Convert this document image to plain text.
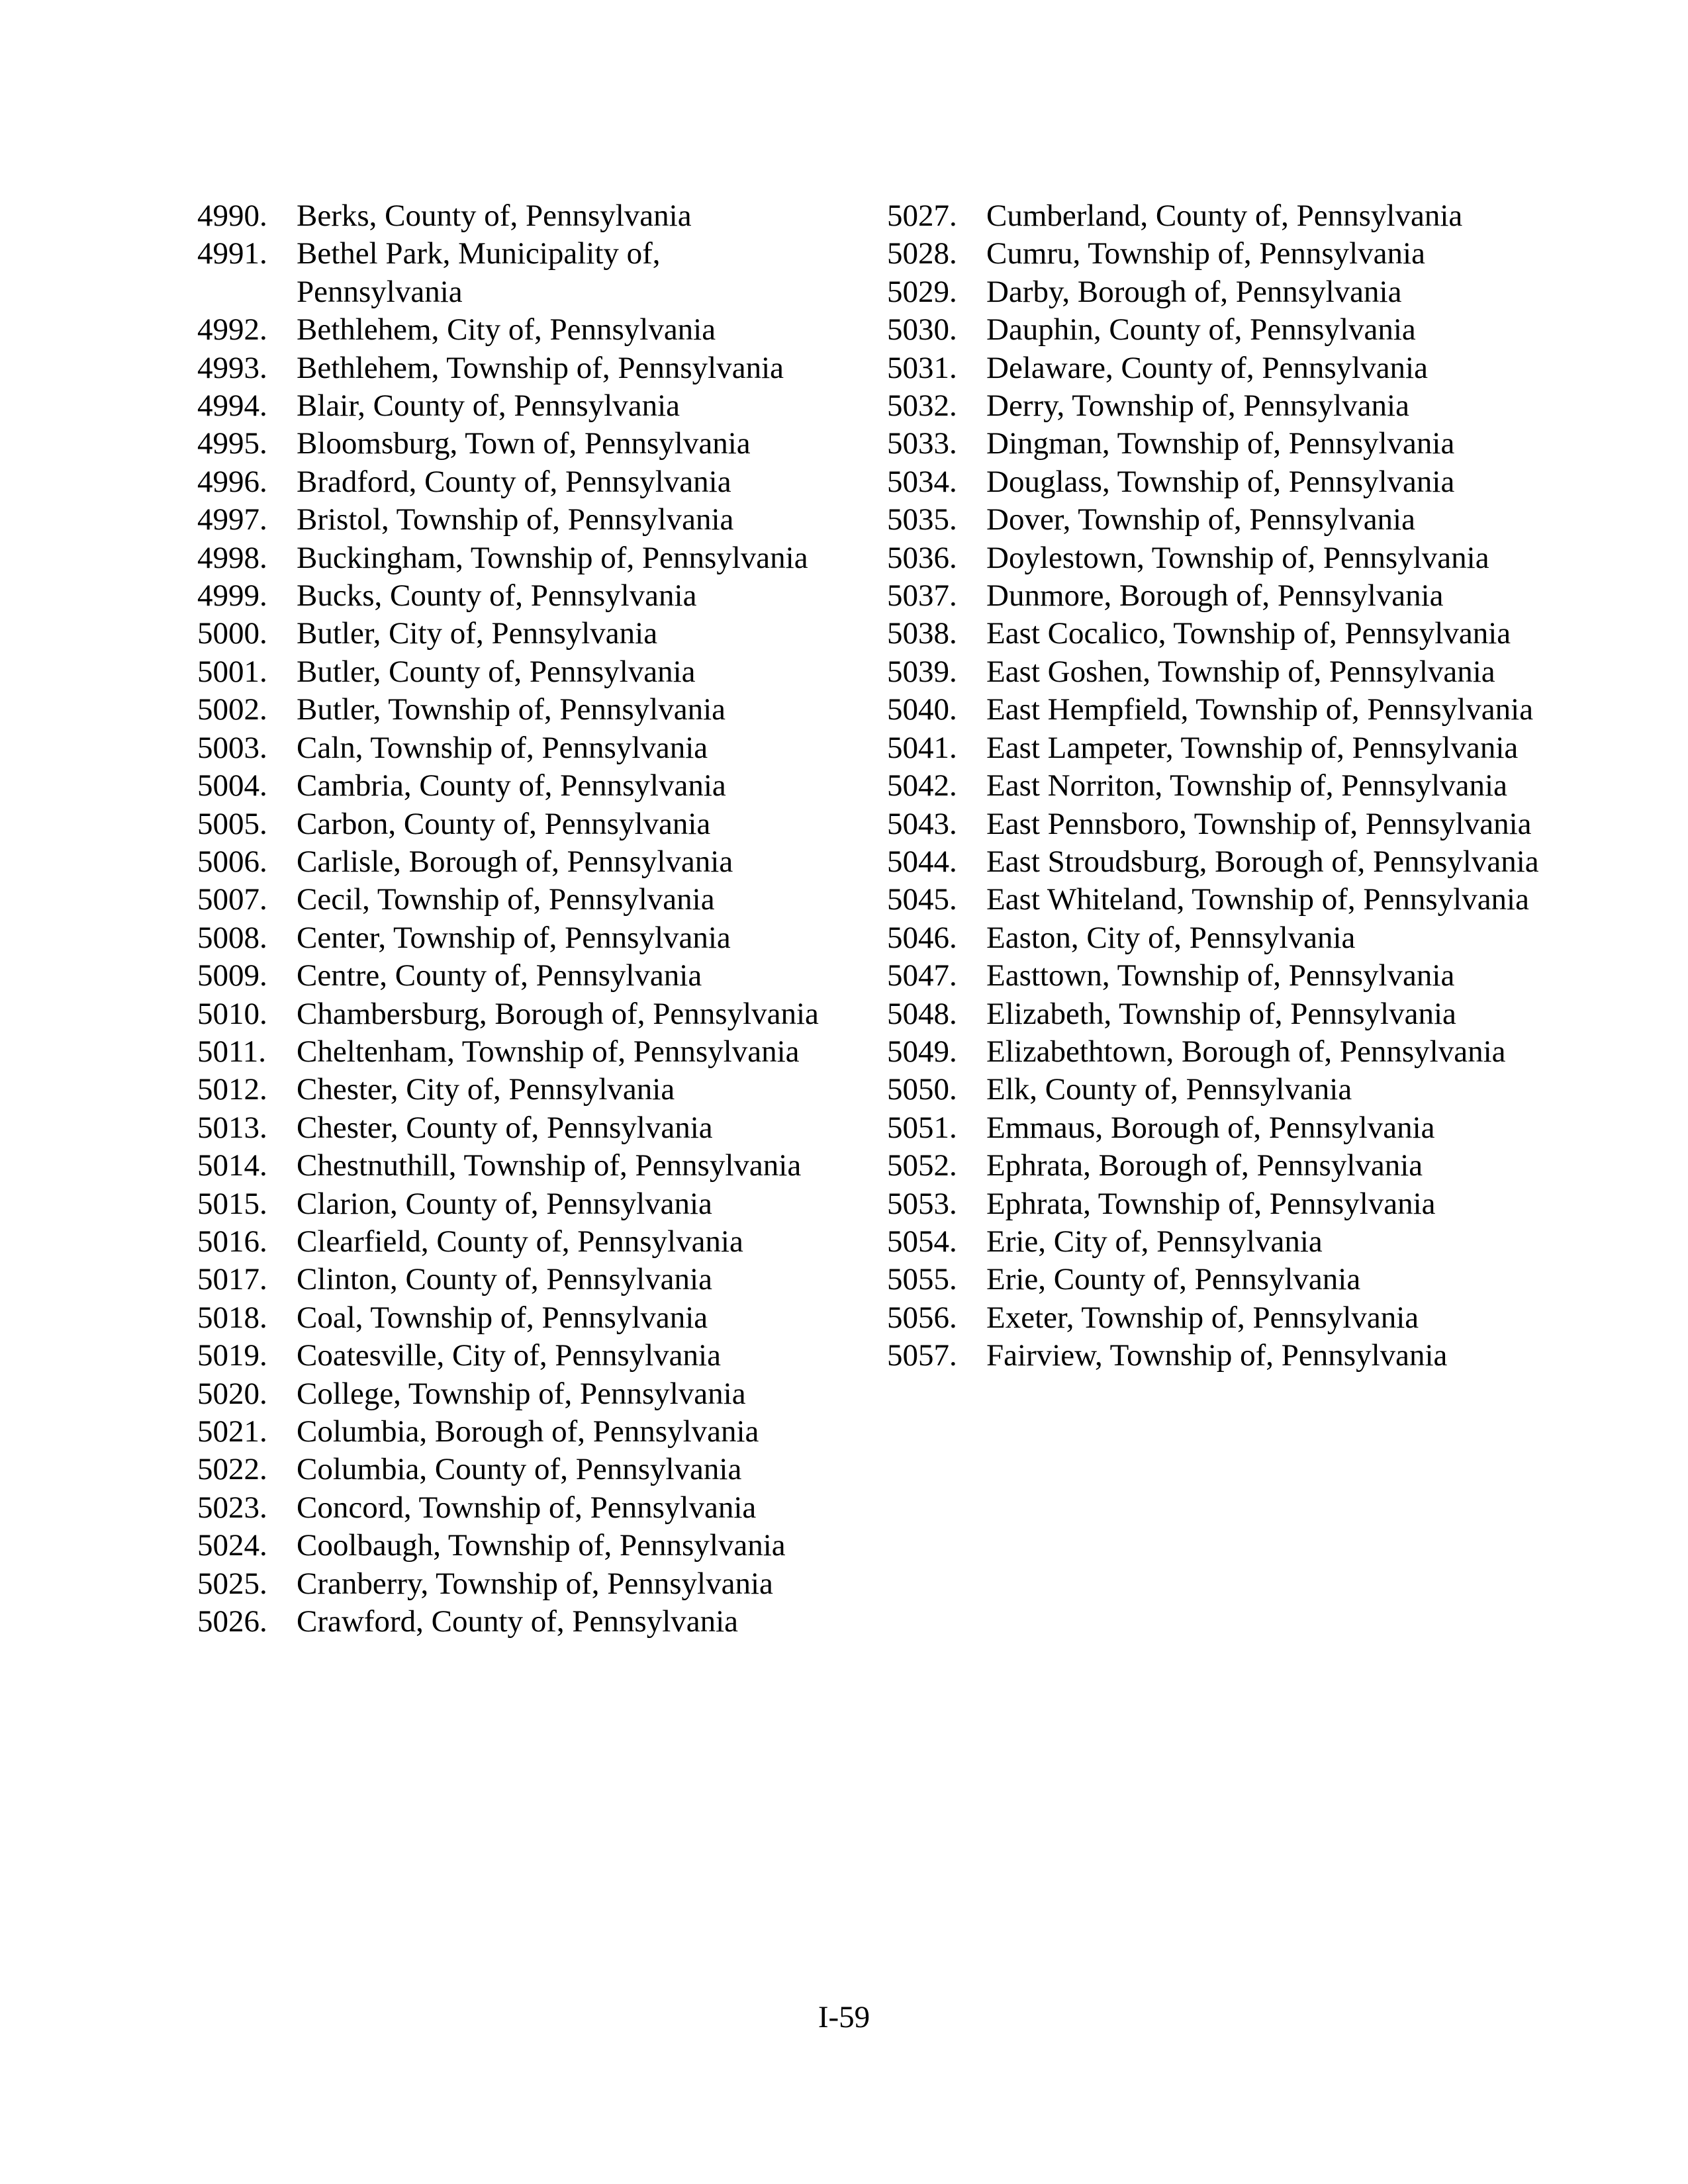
4990. Berks, County of, Pennsylvania
4991. Bethel Park, Municipality of, Pennsylvania
4992. Bethlehem, City of, Pennsylvania
4993. Bethlehem, Township of, Pennsylvania
4994. Blair, County of, Pennsylvania
4995. Bloomsburg, Town of, Pennsylvania
4996. Bradford, County of, Pennsylvania
4997. Bristol, Township of, Pennsylvania
4998. Buckingham, Township of, Pennsylvania
4999. Bucks, County of, Pennsylvania
5000. Butler, City of, Pennsylvania
5001. Butler, County of, Pennsylvania
5002. Butler, Township of, Pennsylvania
5003. Caln, Township of, Pennsylvania
5004. Cambria, County of, Pennsylvania
5005. Carbon, County of, Pennsylvania
5006. Carlisle, Borough of, Pennsylvania
5007. Cecil, Township of, Pennsylvania
5008. Center, Township of, Pennsylvania
5009. Centre, County of, Pennsylvania
5010. Chambersburg, Borough of, Pennsylvania
5011. Cheltenham, Township of, Pennsylvania
5012. Chester, City of, Pennsylvania
5013. Chester, County of, Pennsylvania
5014. Chestnuthill, Township of, Pennsylvania
5015. Clarion, County of, Pennsylvania
5016. Clearfield, County of, Pennsylvania
5017. Clinton, County of, Pennsylvania
5018. Coal, Township of, Pennsylvania
5019. Coatesville, City of, Pennsylvania
5020. College, Township of, Pennsylvania
5021. Columbia, Borough of, Pennsylvania
5022. Columbia, County of, Pennsylvania
5023. Concord, Township of, Pennsylvania
5024. Coolbaugh, Township of, Pennsylvania
5025. Cranberry, Township of, Pennsylvania
5026. Crawford, County of, Pennsylvania
5027. Cumberland, County of, Pennsylvania
5028. Cumru, Township of, Pennsylvania
5029. Darby, Borough of, Pennsylvania
5030. Dauphin, County of, Pennsylvania
5031. Delaware, County of, Pennsylvania
5032. Derry, Township of, Pennsylvania
5033. Dingman, Township of, Pennsylvania
5034. Douglass, Township of, Pennsylvania
5035. Dover, Township of, Pennsylvania
5036. Doylestown, Township of, Pennsylvania
5037. Dunmore, Borough of, Pennsylvania
5038. East Cocalico, Township of, Pennsylvania
5039. East Goshen, Township of, Pennsylvania
5040. East Hempfield, Township of, Pennsylvania
5041. East Lampeter, Township of, Pennsylvania
5042. East Norriton, Township of, Pennsylvania
5043. East Pennsboro, Township of, Pennsylvania
5044. East Stroudsburg, Borough of, Pennsylvania
5045. East Whiteland, Township of, Pennsylvania
5046. Easton, City of, Pennsylvania
5047. Easttown, Township of, Pennsylvania
5048. Elizabeth, Township of, Pennsylvania
5049. Elizabethtown, Borough of, Pennsylvania
5050. Elk, County of, Pennsylvania
5051. Emmaus, Borough of, Pennsylvania
5052. Ephrata, Borough of, Pennsylvania
5053. Ephrata, Township of, Pennsylvania
5054. Erie, City of, Pennsylvania
5055. Erie, County of, Pennsylvania
5056. Exeter, Township of, Pennsylvania
5057. Fairview, Township of, Pennsylvania
I-59
